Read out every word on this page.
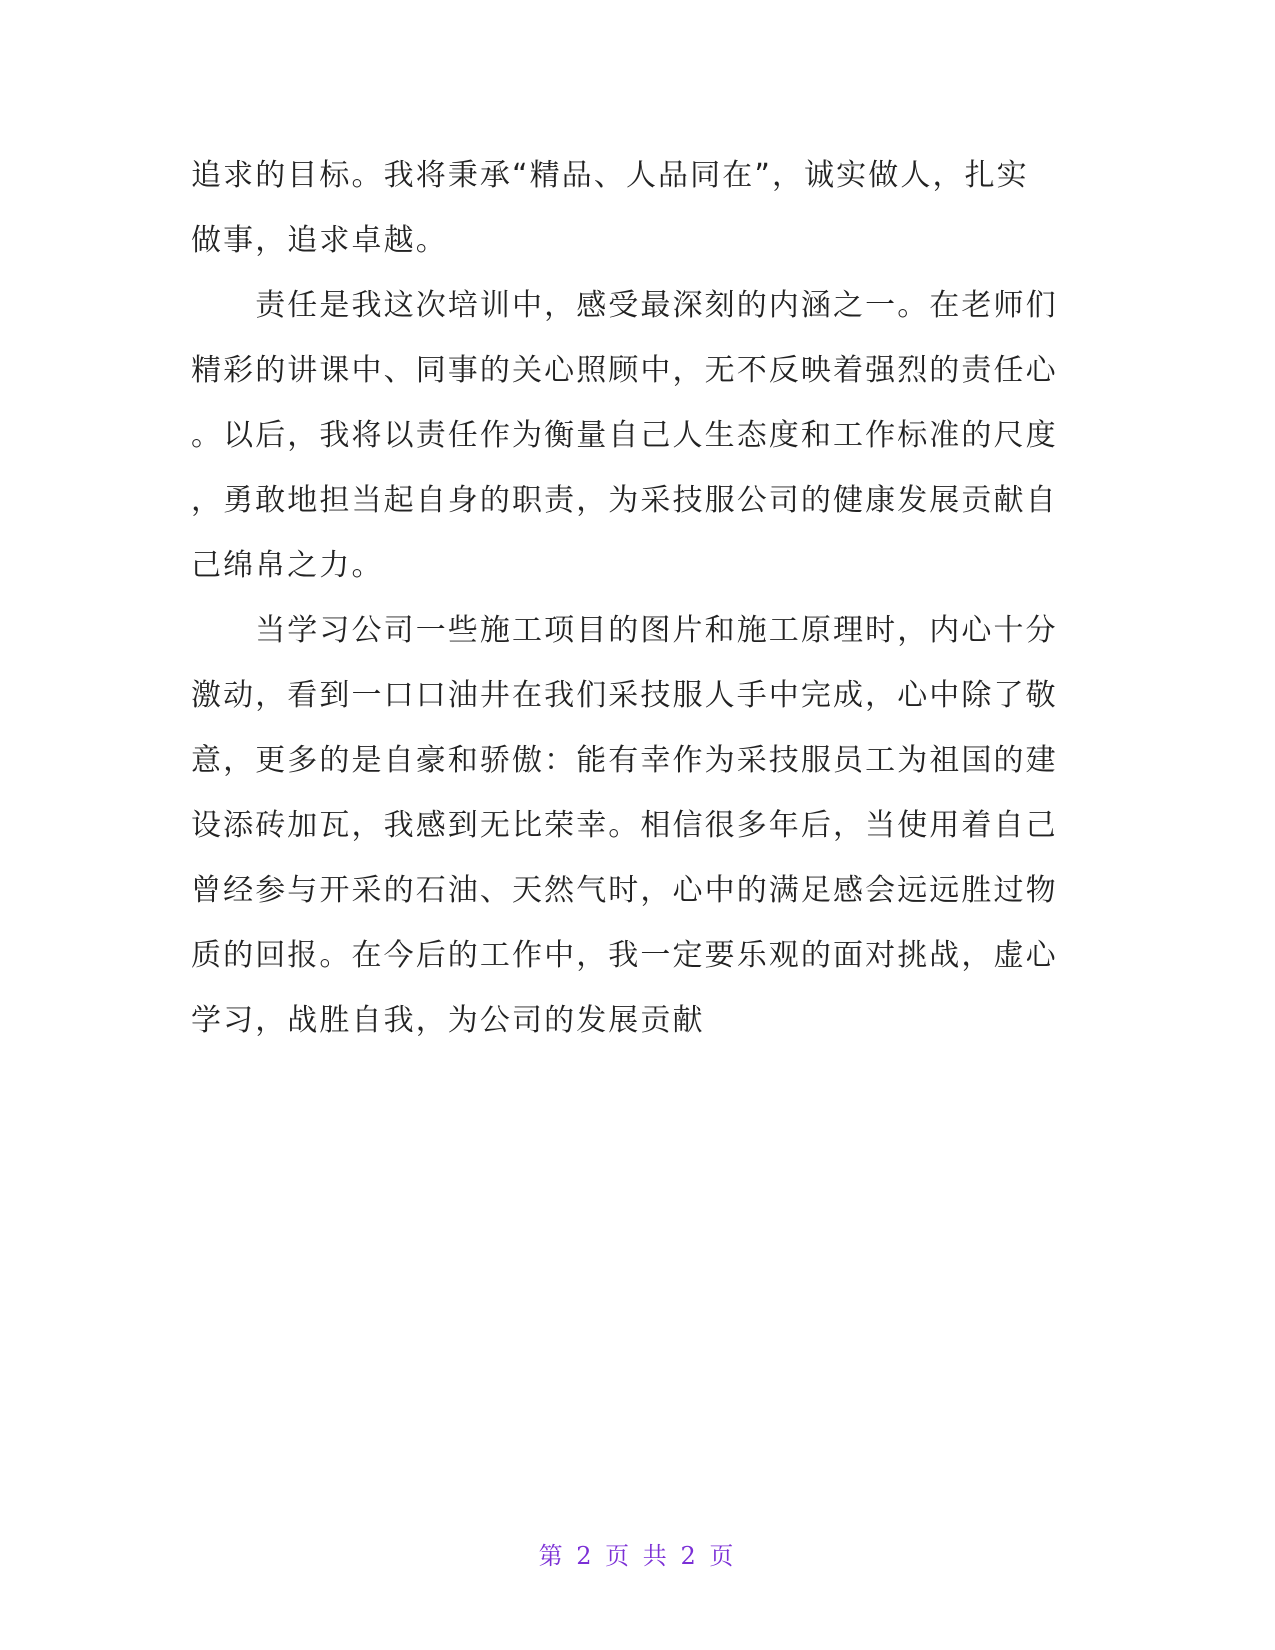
追求的目标。我将秉承“精品、人品同在”，诚实做人，扎实
做事，追求卓越。
　　责任是我这次培训中，感受最深刻的内涵之一。在老师们
精彩的讲课中、同事的关心照顾中，无不反映着强烈的责任心
。以后，我将以责任作为衡量自己人生态度和工作标准的尺度
，勇敢地担当起自身的职责，为采技服公司的健康发展贡献自
己绵帛之力。
　　当学习公司一些施工项目的图片和施工原理时，内心十分
激动，看到一口口油井在我们采技服人手中完成，心中除了敬
意，更多的是自豪和骄傲：能有幸作为采技服员工为祖国的建
设添砖加瓦，我感到无比荣幸。相信很多年后，当使用着自己
曾经参与开采的石油、天然气时，心中的满足感会远远胜过物
质的回报。在今后的工作中，我一定要乐观的面对挑战，虚心
学习，战胜自我，为公司的发展贡献
第 2 页 共 2 页
